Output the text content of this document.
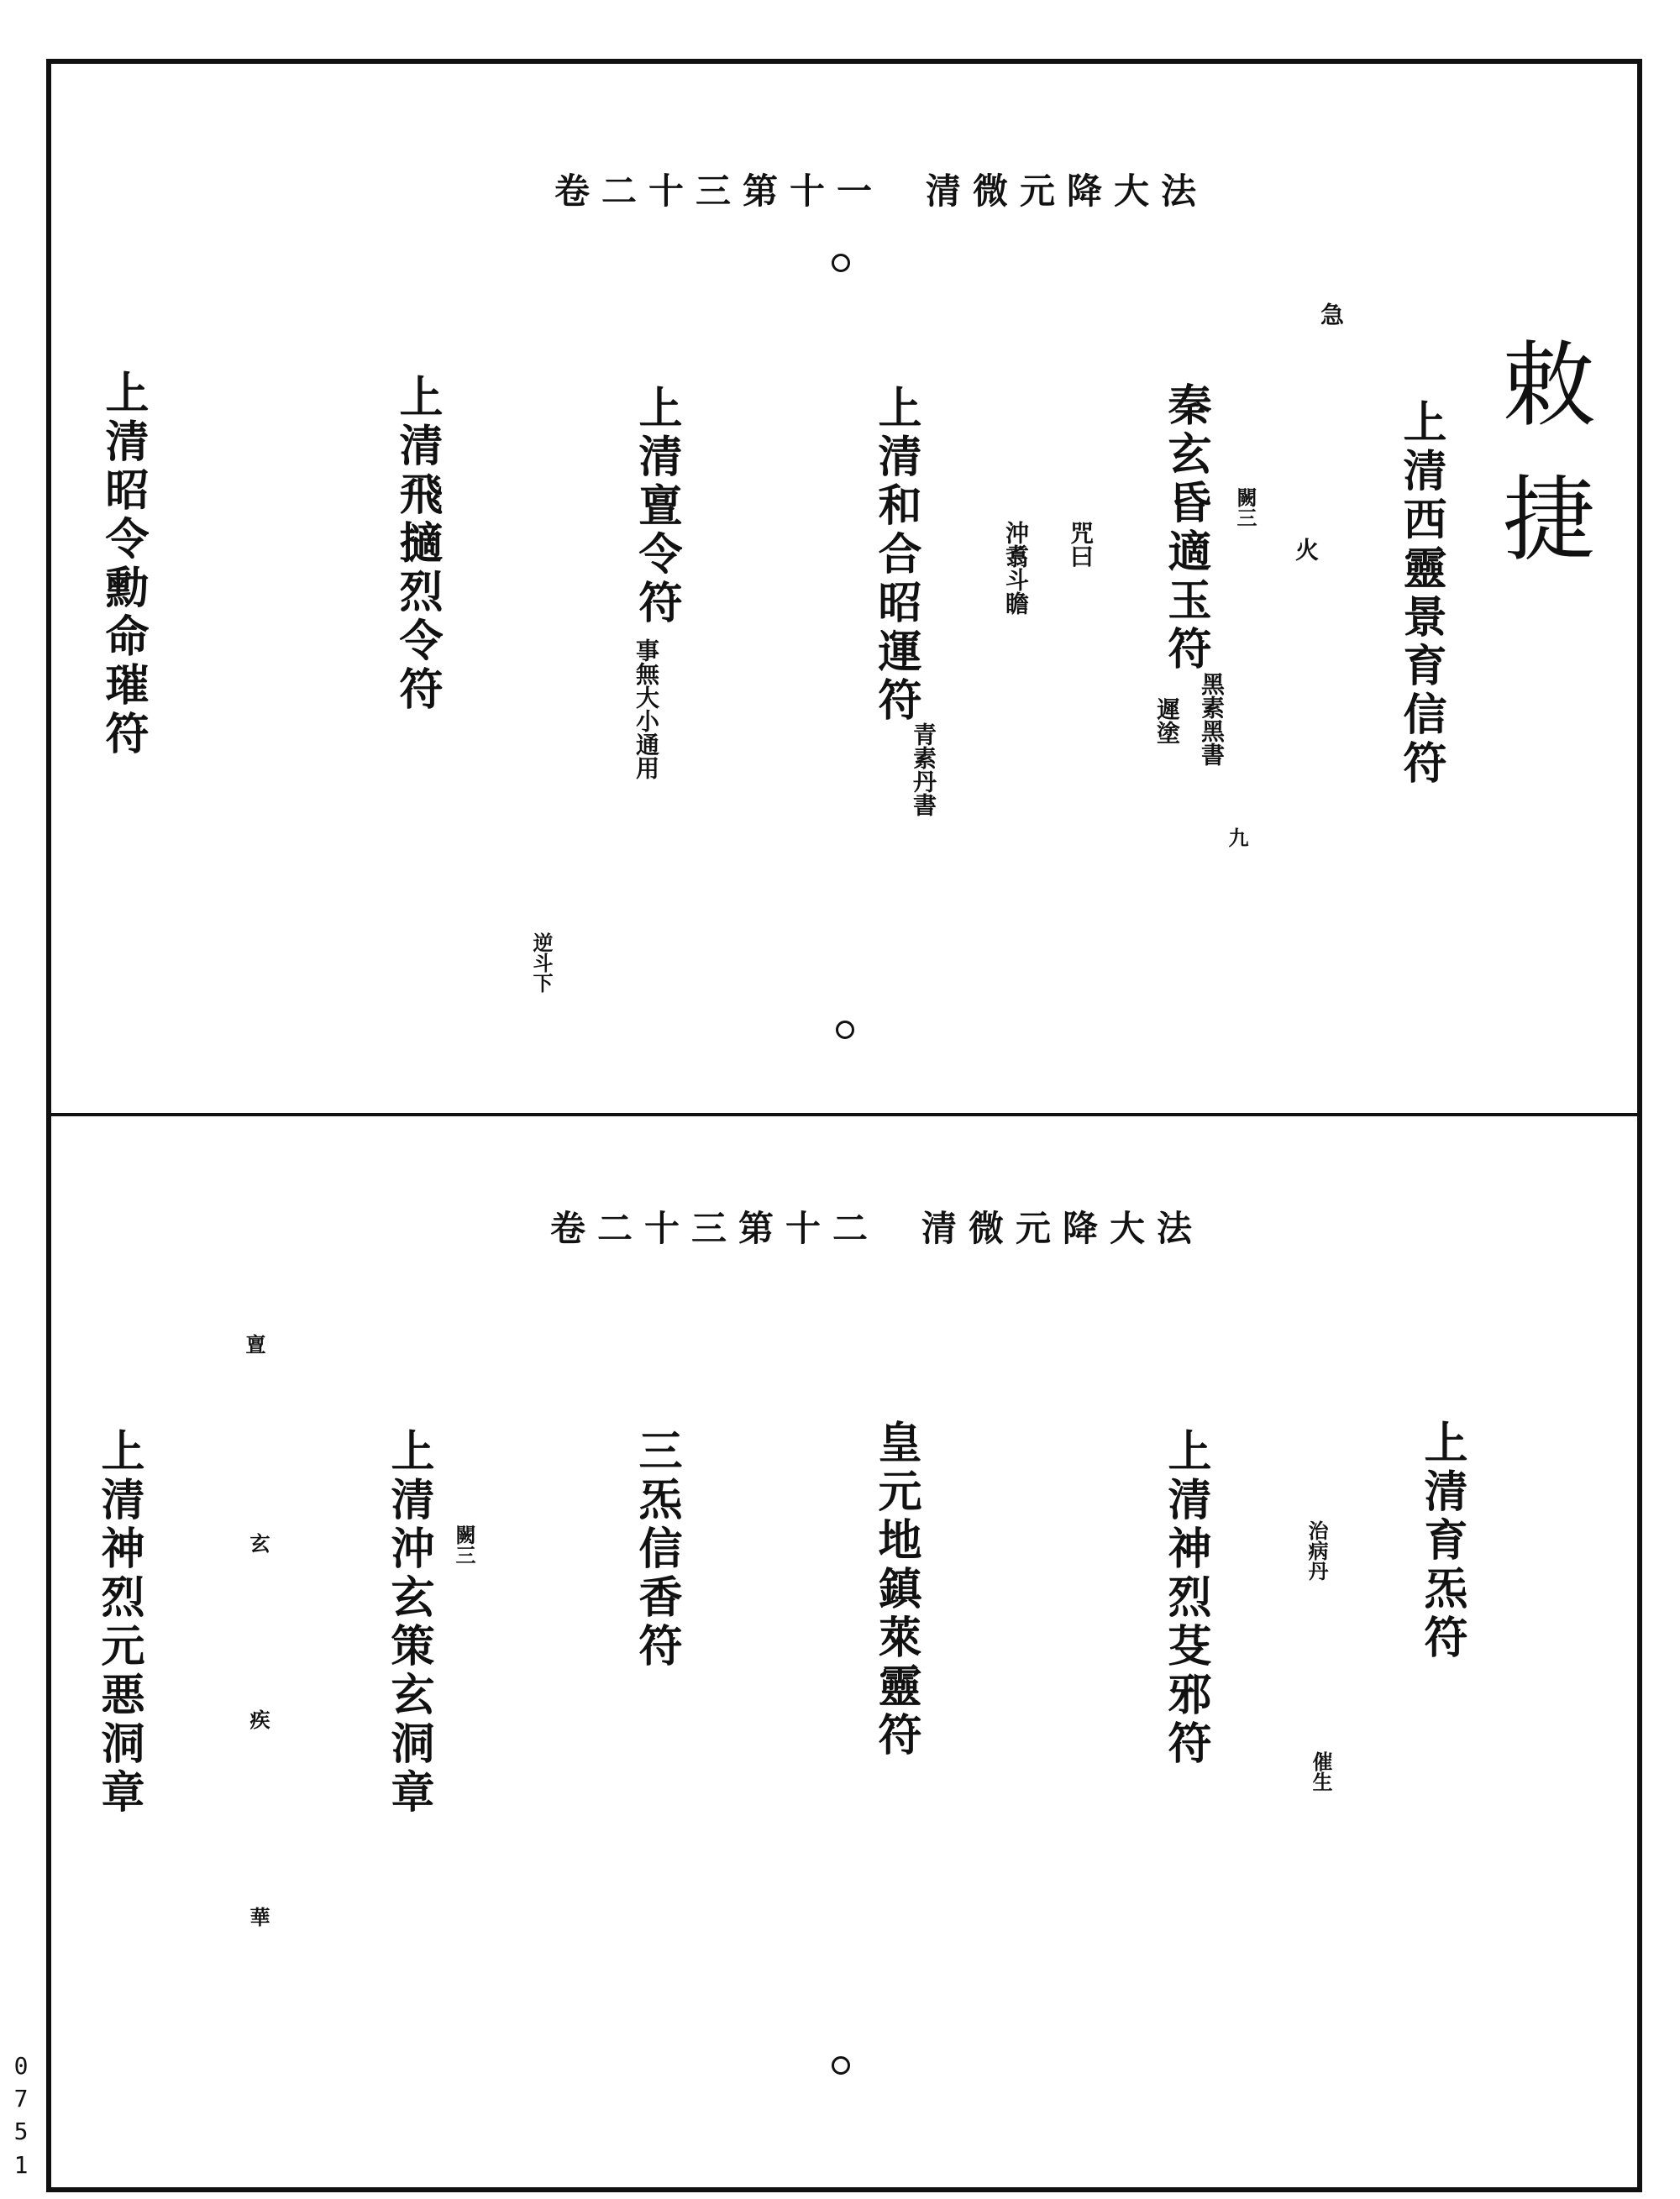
清微元降大法卷二十三第十一
敕捷
上清西靈景育信符
急
火
秦玄昏適玉符 闕三
黑素黑書
九
遲塗
咒曰
沖翥斗瞻
上清和合昭運符
青素丹書
上清亶令符
事無大小通用
逆斗下
上清飛擿烈令符
上清昭令勳命璀符
清微元降大法卷二十三第十二
上清育炁符
上清神烈芟邪符	治病丹
催生
皇元地鎮萊靈符
三炁信香符
上清沖玄策玄洞章 闕三
亶
玄
疾
華
上清神烈元悪洞章
0751
